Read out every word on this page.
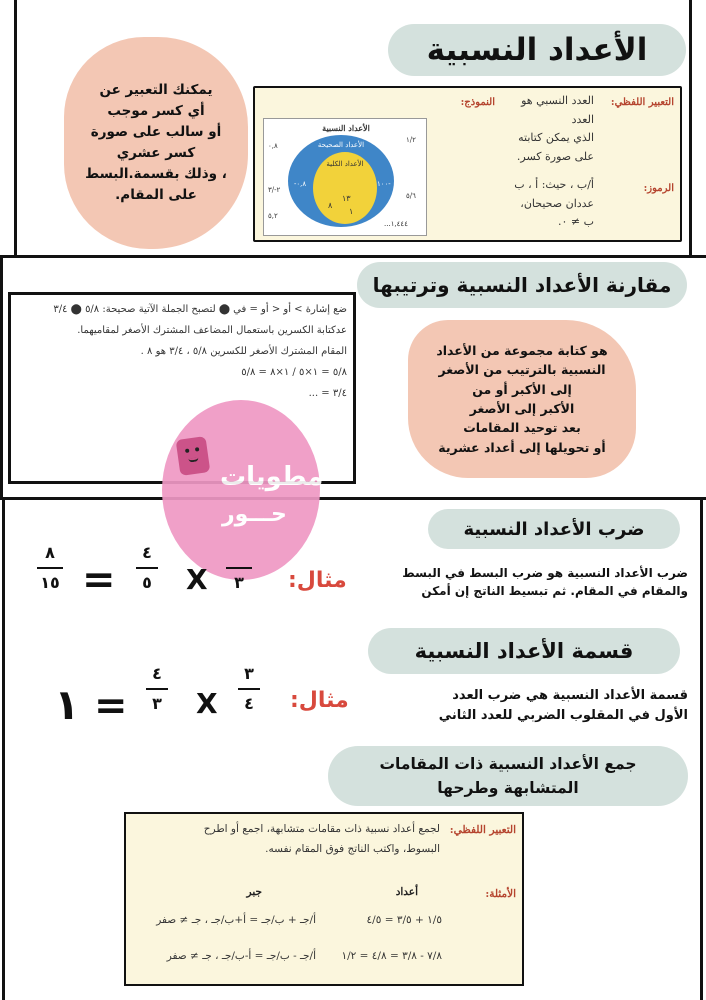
الأعداد النسبية
يمكنك التعبير عن
أي كسر موجب
أو سالب على صورة
كسر عشري
، وذلك بقسمة.البسط
على المقام.
التعبير اللفظي:
العدد النسبي هو العدد
الذي يمكن كتابته
على صورة كسر.
النموذج:
الرموز:
أ/ب ، حيث: أ ، ب
عددان صحيحان،
ب ≠ ٠.
الأعداد النسبية
الأعداد الصحيحة
الأعداد الكلية
١٣
٨
١
-١٠٠
٠,٨-
٥,٢
٢-/٣
١,٤٤٤...
٠,٨
١/٢
٥/٦
مقارنة الأعداد النسبية وترتيبها
ضع إشارة > أو < أو = في ⬤ لتصبح الجملة الآتية صحيحة: ٥/٨ ⬤ ٣/٤
عدكتابة الكسرين باستعمال المضاعف المشترك الأصغر لمقاميهما.
المقام المشترك الأصغر للكسرين ٥/٨ ، ٣/٤ هو ٨ .
٥/٨ = ١×٥ / ١×٨ = ٥/٨
٣/٤ = ...
هو كتابة مجموعة من الأعداد
النسبية بالترتيب من الأصغر
إلى الأكبر أو من
الأكبر إلى الأصغر
بعد توحيد المقامات
أو تحويلها إلى أعداد عشرية
مطويات
حـــور
ضرب الأعداد النسبية
ضرب الأعداد النسبية هو ضرب البسط في البسط
والمقام في المقام. ثم تبسيط الناتج إن أمكن
مثال:
٨
١٥ =
٤
٥ X ٣
قسمة الأعداد النسبية
قسمة الأعداد النسبية هي ضرب العدد
الأول في المقلوب الضربي للعدد الثاني
مثال:
١ =
٤
٣ X
٣
٤
جمع الأعداد النسبية ذات المقامات
المتشابهة وطرحها
التعبير اللفظي:
لجمع أعداد نسبية ذات مقامات متشابهة، اجمع أو اطرح
البسوط، واكتب الناتج فوق المقام نفسه.
الأمثلة:
أعداد
جبر
١/٥ + ٣/٥ = ٤/٥
٧/٨ - ٣/٨ = ٤/٨ = ١/٢
أ/جـ + ب/جـ = أ+ب/جـ ، جـ ≠ صفر
أ/جـ - ب/جـ = أ-ب/جـ ، جـ ≠ صفر
